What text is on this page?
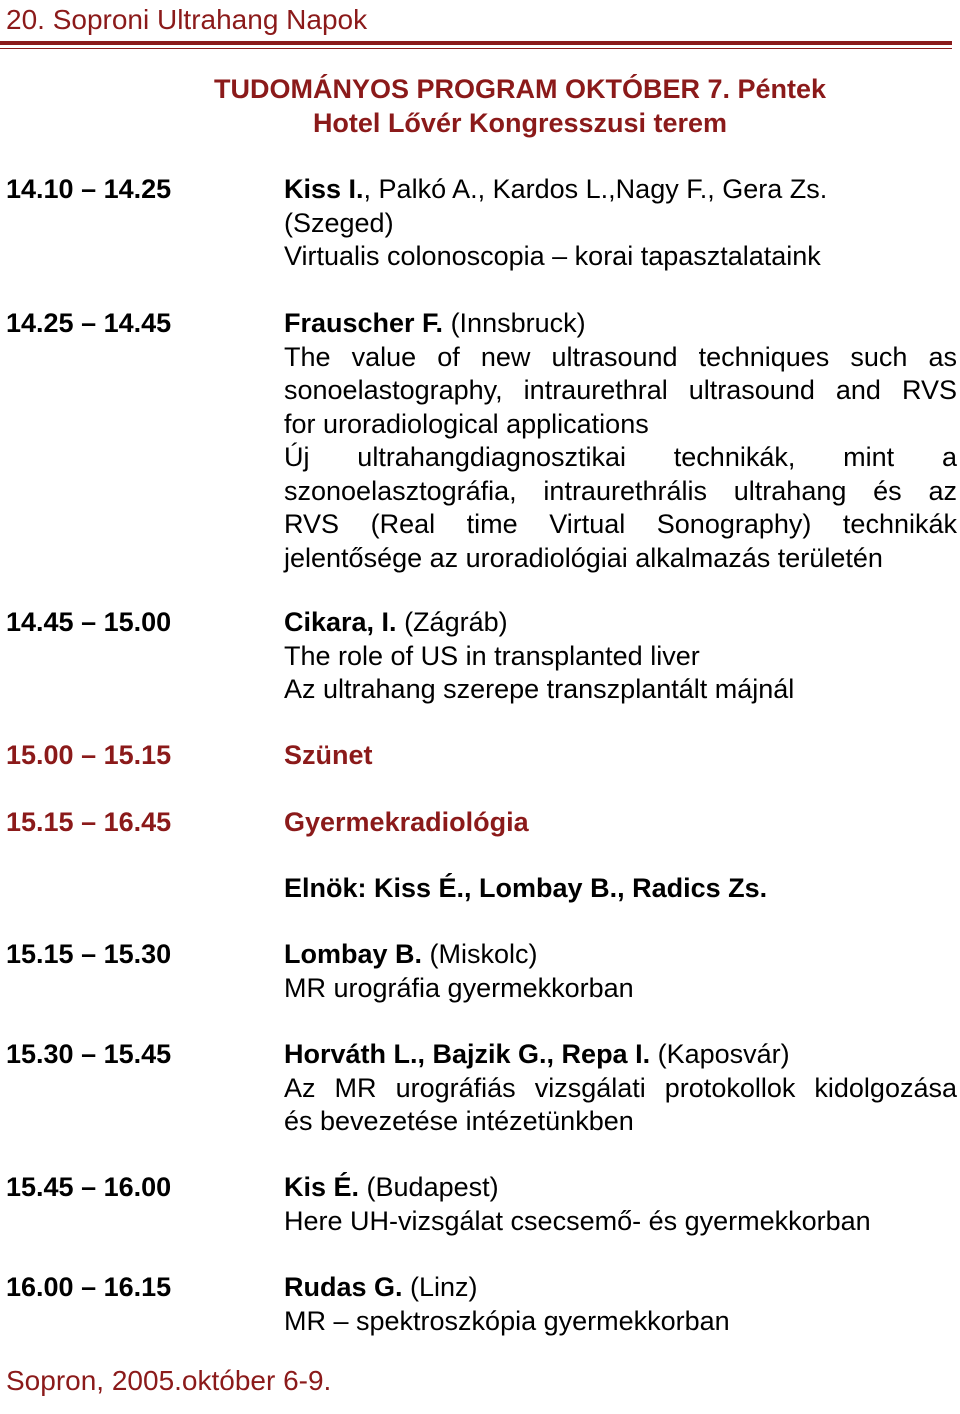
20. Soproni Ultrahang Napok
TUDOMÁNYOS PROGRAM OKTÓBER 7. Péntek
Hotel Lővér Kongresszusi terem
14.10 – 14.25	Kiss I., Palkó A., Kardos L.,Nagy F., Gera Zs.
(Szeged)
Virtualis colonoscopia – korai tapasztalataink
14.25 – 14.45	Frauscher F. (Innsbruck)
The value of new ultrasound techniques such as
sonoelastography, intraurethral ultrasound and RVS
for uroradiological applications
Új ultrahangdiagnosztikai technikák, mint a
szonoelasztográfia, intraurethrális ultrahang és az
RVS (Real time Virtual Sonography) technikák
jelentősége az uroradiológiai alkalmazás területén
14.45 – 15.00	Cikara, I. (Zágráb)
The role of US in transplanted liver
Az ultrahang szerepe transzplantált májnál
15.00 – 15.15	Szünet
15.15 – 16.45	Gyermekradiológia
Elnök: Kiss É., Lombay B., Radics Zs.
15.15 – 15.30	Lombay B. (Miskolc)
MR urográfia gyermekkorban
15.30 – 15.45	Horváth L., Bajzik G., Repa I. (Kaposvár)
Az MR urográfiás vizsgálati protokollok kidolgozása
és bevezetése intézetünkben
15.45 – 16.00	Kis É. (Budapest)
Here UH-vizsgálat csecsemő- és gyermekkorban
16.00 – 16.15	Rudas G. (Linz)
MR – spektroszkópia gyermekkorban
Sopron, 2005.október 6-9.
